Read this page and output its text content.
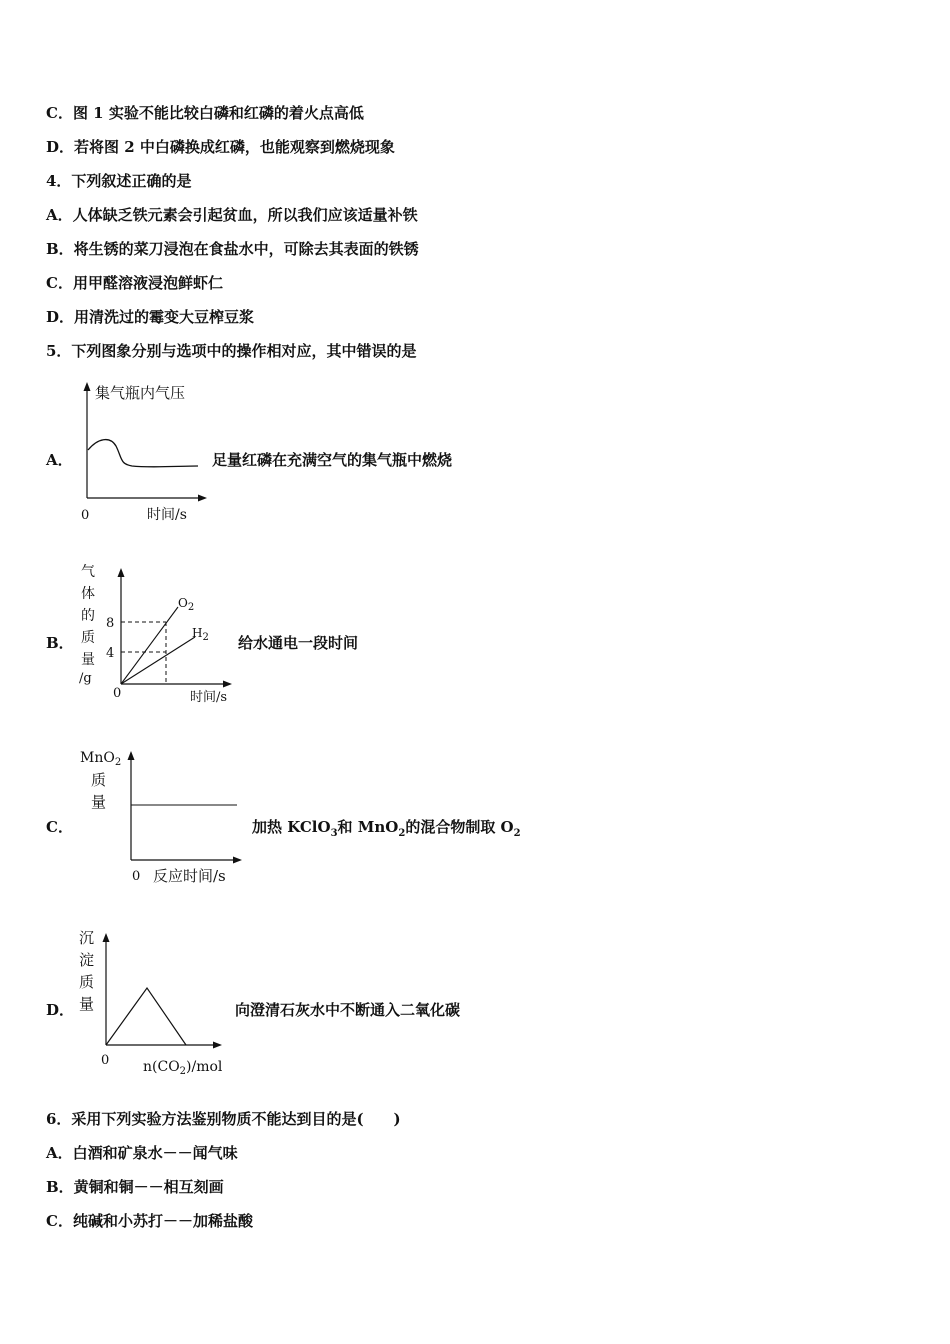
C．图 1 实验不能比较白磷和红磷的着火点高低
D．若将图 2 中白磷换成红磷，也能观察到燃烧现象
4．下列叙述正确的是
A．人体缺乏铁元素会引起贫血，所以我们应该适量补铁
B．将生锈的菜刀浸泡在食盐水中，可除去其表面的铁锈
C．用甲醛溶液浸泡鲜虾仁
D．用清洗过的霉变大豆榨豆浆
5．下列图象分别与选项中的操作相对应，其中错误的是
A．
集气瓶内气压
0	时间/s
足量红磷在充满空气的集气瓶中燃烧
B．
气
体
的
质
量
/g
8
4
$O_2$
$H_2$
0	时间/s
给水通电一段时间
C．
MnO$_2$
质
量
0 反应时间/s
加热 KClO$_3$和 MnO$_2$的混合物制取 $O_2$
D．
沉
淀
质
量
0 $n(CO_2)$/mol
向澄清石灰水中不断通入二氧化碳
6．采用下列实验方法鉴别物质不能达到目的是(　　)
A．白酒和矿泉水－－闻气味
B．黄铜和铜－－相互刻画
C．纯碱和小苏打－－加稀盐酸
